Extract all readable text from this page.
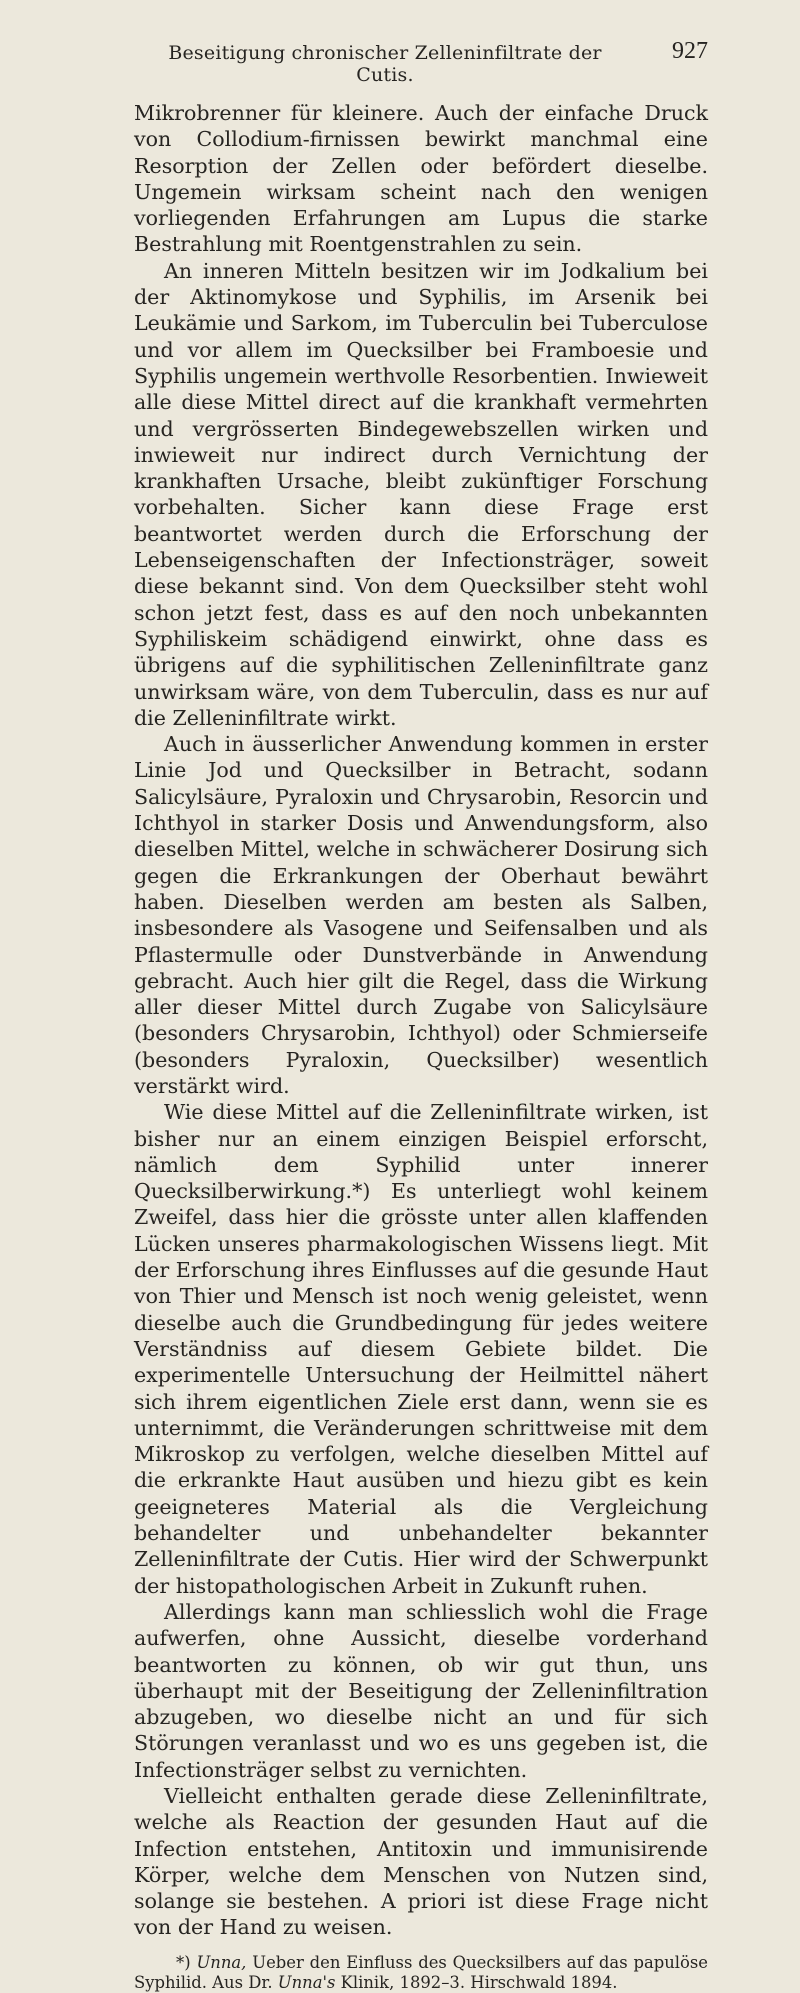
Beseitigung chronischer Zelleninfiltrate der Cutis.
927

Mikrobrenner für kleinere. Auch der einfache Druck von Collodium-firnissen bewirkt manchmal eine Resorption der Zellen oder befördert dieselbe. Ungemein wirksam scheint nach den wenigen vorliegenden Erfahrungen am Lupus die starke Bestrahlung mit Roentgenstrahlen zu sein.

An inneren Mitteln besitzen wir im Jodkalium bei der Aktinomykose und Syphilis, im Arsenik bei Leukämie und Sarkom, im Tuberculin bei Tuberculose und vor allem im Quecksilber bei Framboesie und Syphilis ungemein werthvolle Resorbentien. Inwieweit alle diese Mittel direct auf die krankhaft vermehrten und vergrösserten Bindegewebszellen wirken und inwieweit nur indirect durch Vernichtung der krankhaften Ursache, bleibt zukünftiger Forschung vorbehalten. Sicher kann diese Frage erst beantwortet werden durch die Erforschung der Lebenseigenschaften der Infectionsträger, soweit diese bekannt sind. Von dem Quecksilber steht wohl schon jetzt fest, dass es auf den noch unbekannten Syphiliskeim schädigend einwirkt, ohne dass es übrigens auf die syphilitischen Zelleninfiltrate ganz unwirksam wäre, von dem Tuberculin, dass es nur auf die Zelleninfiltrate wirkt.

Auch in äusserlicher Anwendung kommen in erster Linie Jod und Quecksilber in Betracht, sodann Salicylsäure, Pyraloxin und Chrysarobin, Resorcin und Ichthyol in starker Dosis und Anwendungsform, also dieselben Mittel, welche in schwächerer Dosirung sich gegen die Erkrankungen der Oberhaut bewährt haben. Dieselben werden am besten als Salben, insbesondere als Vasogene und Seifensalben und als Pflastermulle oder Dunstverbände in Anwendung gebracht. Auch hier gilt die Regel, dass die Wirkung aller dieser Mittel durch Zugabe von Salicylsäure (besonders Chrysarobin, Ichthyol) oder Schmierseife (besonders Pyraloxin, Quecksilber) wesentlich verstärkt wird.

Wie diese Mittel auf die Zelleninfiltrate wirken, ist bisher nur an einem einzigen Beispiel erforscht, nämlich dem Syphilid unter innerer Quecksilberwirkung.*) Es unterliegt wohl keinem Zweifel, dass hier die grösste unter allen klaffenden Lücken unseres pharmakologischen Wissens liegt. Mit der Erforschung ihres Einflusses auf die gesunde Haut von Thier und Mensch ist noch wenig geleistet, wenn dieselbe auch die Grundbedingung für jedes weitere Verständniss auf diesem Gebiete bildet. Die experimentelle Untersuchung der Heilmittel nähert sich ihrem eigentlichen Ziele erst dann, wenn sie es unternimmt, die Veränderungen schrittweise mit dem Mikroskop zu verfolgen, welche dieselben Mittel auf die erkrankte Haut ausüben und hiezu gibt es kein geeigneteres Material als die Vergleichung behandelter und unbehandelter bekannter Zelleninfiltrate der Cutis. Hier wird der Schwerpunkt der histopathologischen Arbeit in Zukunft ruhen.

Allerdings kann man schliesslich wohl die Frage aufwerfen, ohne Aussicht, dieselbe vorderhand beantworten zu können, ob wir gut thun, uns überhaupt mit der Beseitigung der Zelleninfiltration abzugeben, wo dieselbe nicht an und für sich Störungen veranlasst und wo es uns gegeben ist, die Infectionsträger selbst zu vernichten.

Vielleicht enthalten gerade diese Zelleninfiltrate, welche als Reaction der gesunden Haut auf die Infection entstehen, Antitoxin und immunisirende Körper, welche dem Menschen von Nutzen sind, solange sie bestehen. A priori ist diese Frage nicht von der Hand zu weisen.

*) Unna, Ueber den Einfluss des Quecksilbers auf das papulöse Syphilid. Aus Dr. Unna's Klinik, 1892–3. Hirschwald 1894.
